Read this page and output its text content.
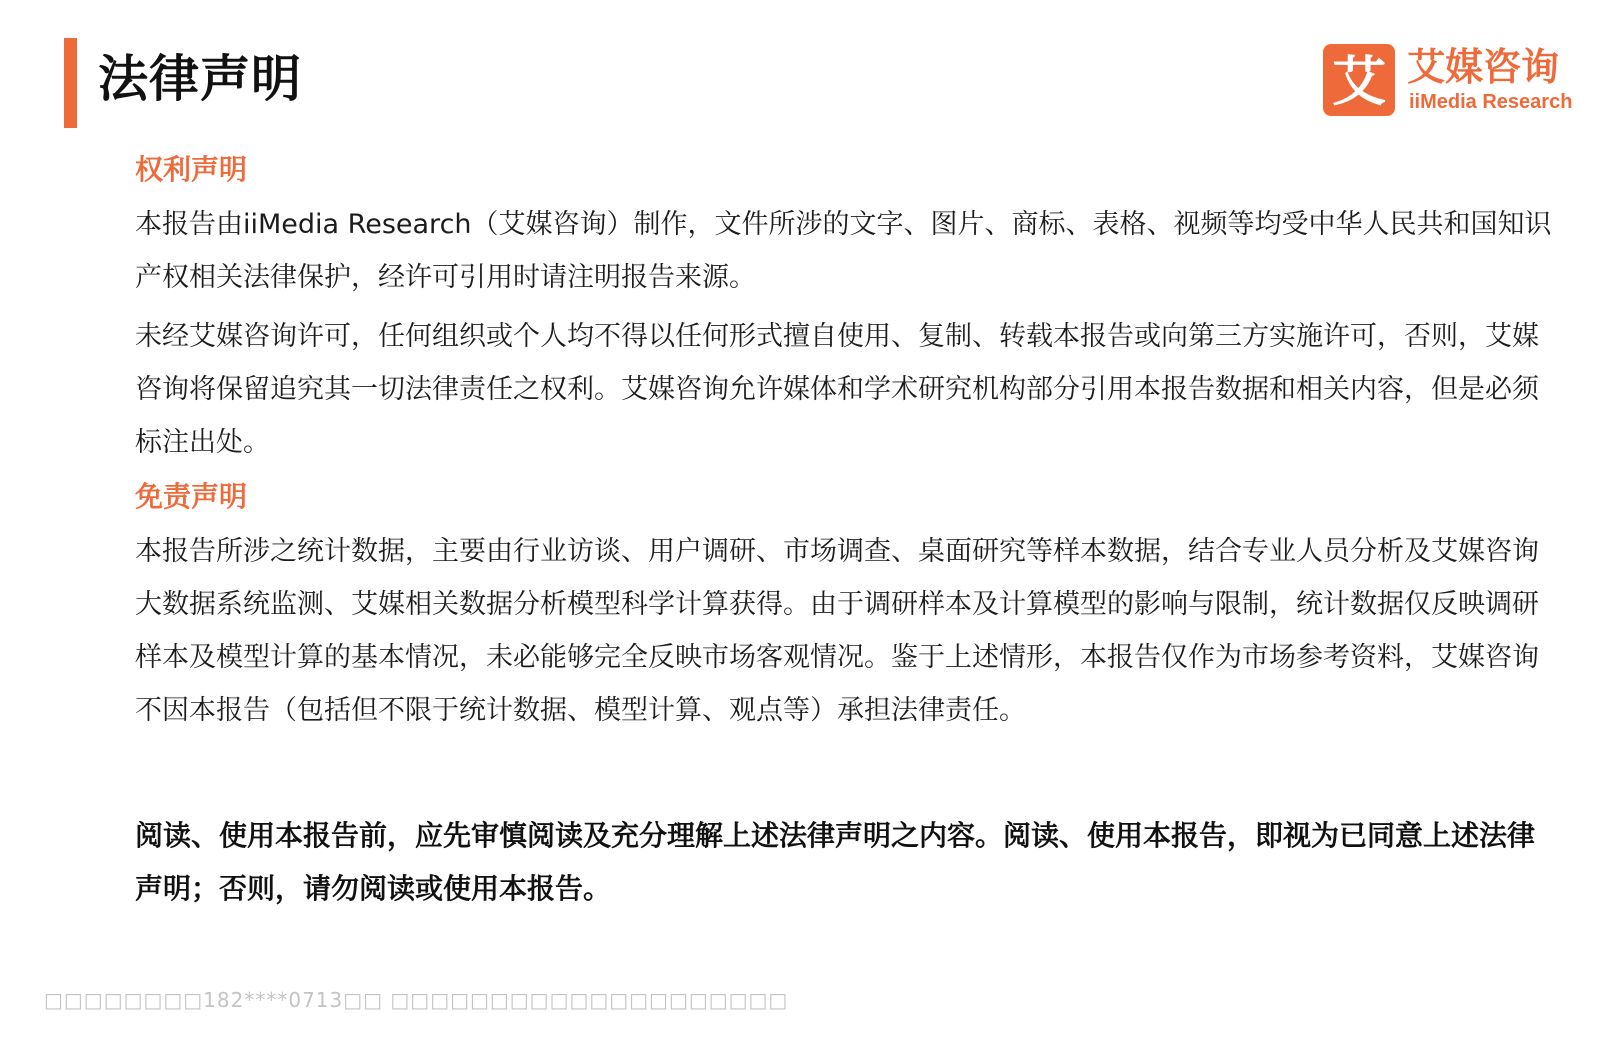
法律声明	艾 艾媒咨询
iiMedia Research
权利声明

本报告由iiMedia Research（艾媒咨询）制作，文件所涉的文字、图片、商标、表格、视频等均受中华人民共和国知识产权相关法律保护，经许可引用时请注明报告来源。

未经艾媒咨询许可，任何组织或个人均不得以任何形式擅自使用、复制、转载本报告或向第三方实施许可，否则，艾媒咨询将保留追究其一切法律责任之权利。艾媒咨询允许媒体和学术研究机构部分引用本报告数据和相关内容，但是必须标注出处。

免责声明

本报告所涉之统计数据，主要由行业访谈、用户调研、市场调查、桌面研究等样本数据，结合专业人员分析及艾媒咨询大数据系统监测、艾媒相关数据分析模型科学计算获得。由于调研样本及计算模型的影响与限制，统计数据仅反映调研样本及模型计算的基本情况，未必能够完全反映市场客观情况。鉴于上述情形，本报告仅作为市场参考资料，艾媒咨询不因本报告（包括但不限于统计数据、模型计算、观点等）承担法律责任。

阅读、使用本报告前，应先审慎阅读及充分理解上述法律声明之内容。阅读、使用本报告，即视为已同意上述法律声明；否则，请勿阅读或使用本报告。

□□□□□□□□182****0713□□ □□□□□□□□□□□□□□□□□□□□
